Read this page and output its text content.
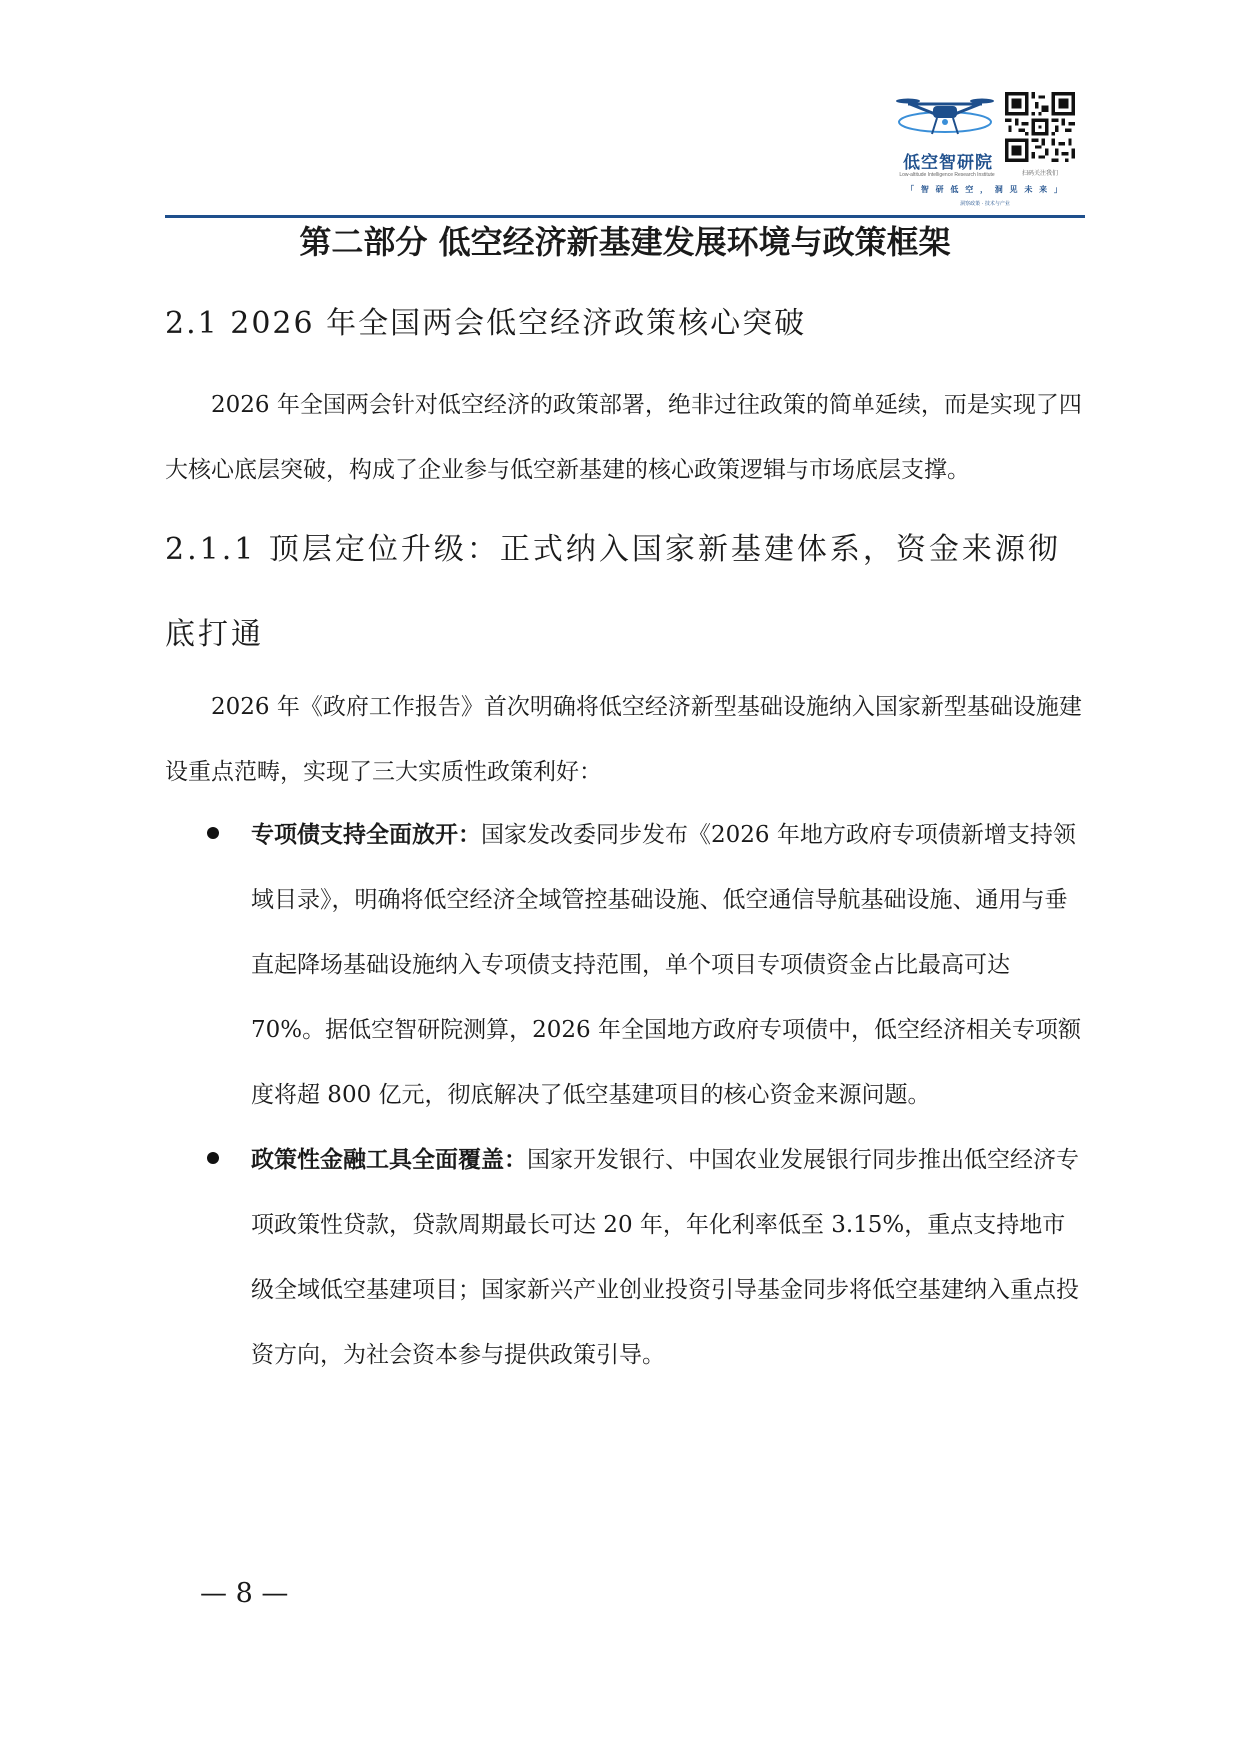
低空智研院
Low-altitude Intelligence Research Institute	扫码关注我们
「 智 研 低 空 ， 洞 见 未 来 」
洞察政策 · 技术与产业
第二部分 低空经济新基建发展环境与政策框架
2.1 2026 年全国两会低空经济政策核心突破

2026 年全国两会针对低空经济的政策部署，绝非过往政策的简单延续，而是实现了四大核心底层突破，构成了企业参与低空新基建的核心政策逻辑与市场底层支撑。

2.1.1 顶层定位升级：正式纳入国家新基建体系，资金来源彻底打通

2026 年《政府工作报告》首次明确将低空经济新型基础设施纳入国家新型基础设施建设重点范畴，实现了三大实质性政策利好：

专项债支持全面放开：国家发改委同步发布《2026 年地方政府专项债新增支持领域目录》，明确将低空经济全域管控基础设施、低空通信导航基础设施、通用与垂直起降场基础设施纳入专项债支持范围，单个项目专项债资金占比最高可达 70%。据低空智研院测算，2026 年全国地方政府专项债中，低空经济相关专项额度将超 800 亿元，彻底解决了低空基建项目的核心资金来源问题。

政策性金融工具全面覆盖：国家开发银行、中国农业发展银行同步推出低空经济专项政策性贷款，贷款周期最长可达 20 年，年化利率低至 3.15%，重点支持地市级全域低空基建项目；国家新兴产业创业投资引导基金同步将低空基建纳入重点投资方向，为社会资本参与提供政策引导。

— 8 —
